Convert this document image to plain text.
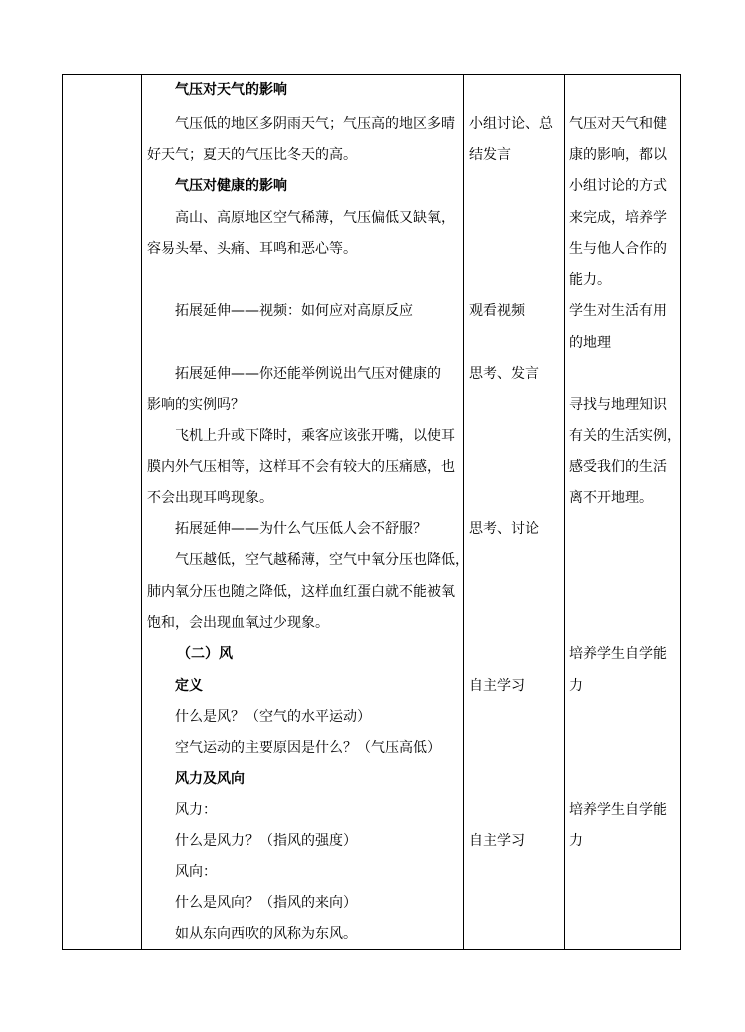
气压对天气的影响
气压低的地区多阴雨天气；气压高的地区多晴
好天气；夏天的气压比冬天的高。
气压对健康的影响
高山、高原地区空气稀薄，气压偏低又缺氧，
容易头晕、头痛、耳鸣和恶心等。
拓展延伸——视频：如何应对高原反应
拓展延伸——你还能举例说出气压对健康的
影响的实例吗？
飞机上升或下降时，乘客应该张开嘴，以使耳
膜内外气压相等，这样耳不会有较大的压痛感，也
不会出现耳鸣现象。
拓展延伸——为什么气压低人会不舒服？
气压越低，空气越稀薄，空气中氧分压也降低，
肺内氧分压也随之降低，这样血红蛋白就不能被氧
饱和，会出现血氧过少现象。
（二）风
定义
什么是风？（空气的水平运动）
空气运动的主要原因是什么？（气压高低）
风力及风向
风力：
什么是风力？（指风的强度）
风向：
什么是风向？（指风的来向）
如从东向西吹的风称为东风。
小组讨论、总
结发言
观看视频
思考、发言
思考、讨论
自主学习
自主学习
气压对天气和健
康的影响，都以
小组讨论的方式
来完成，培养学
生与他人合作的
能力。
学生对生活有用
的地理
寻找与地理知识
有关的生活实例，
感受我们的生活
离不开地理。
培养学生自学能
力
培养学生自学能
力
